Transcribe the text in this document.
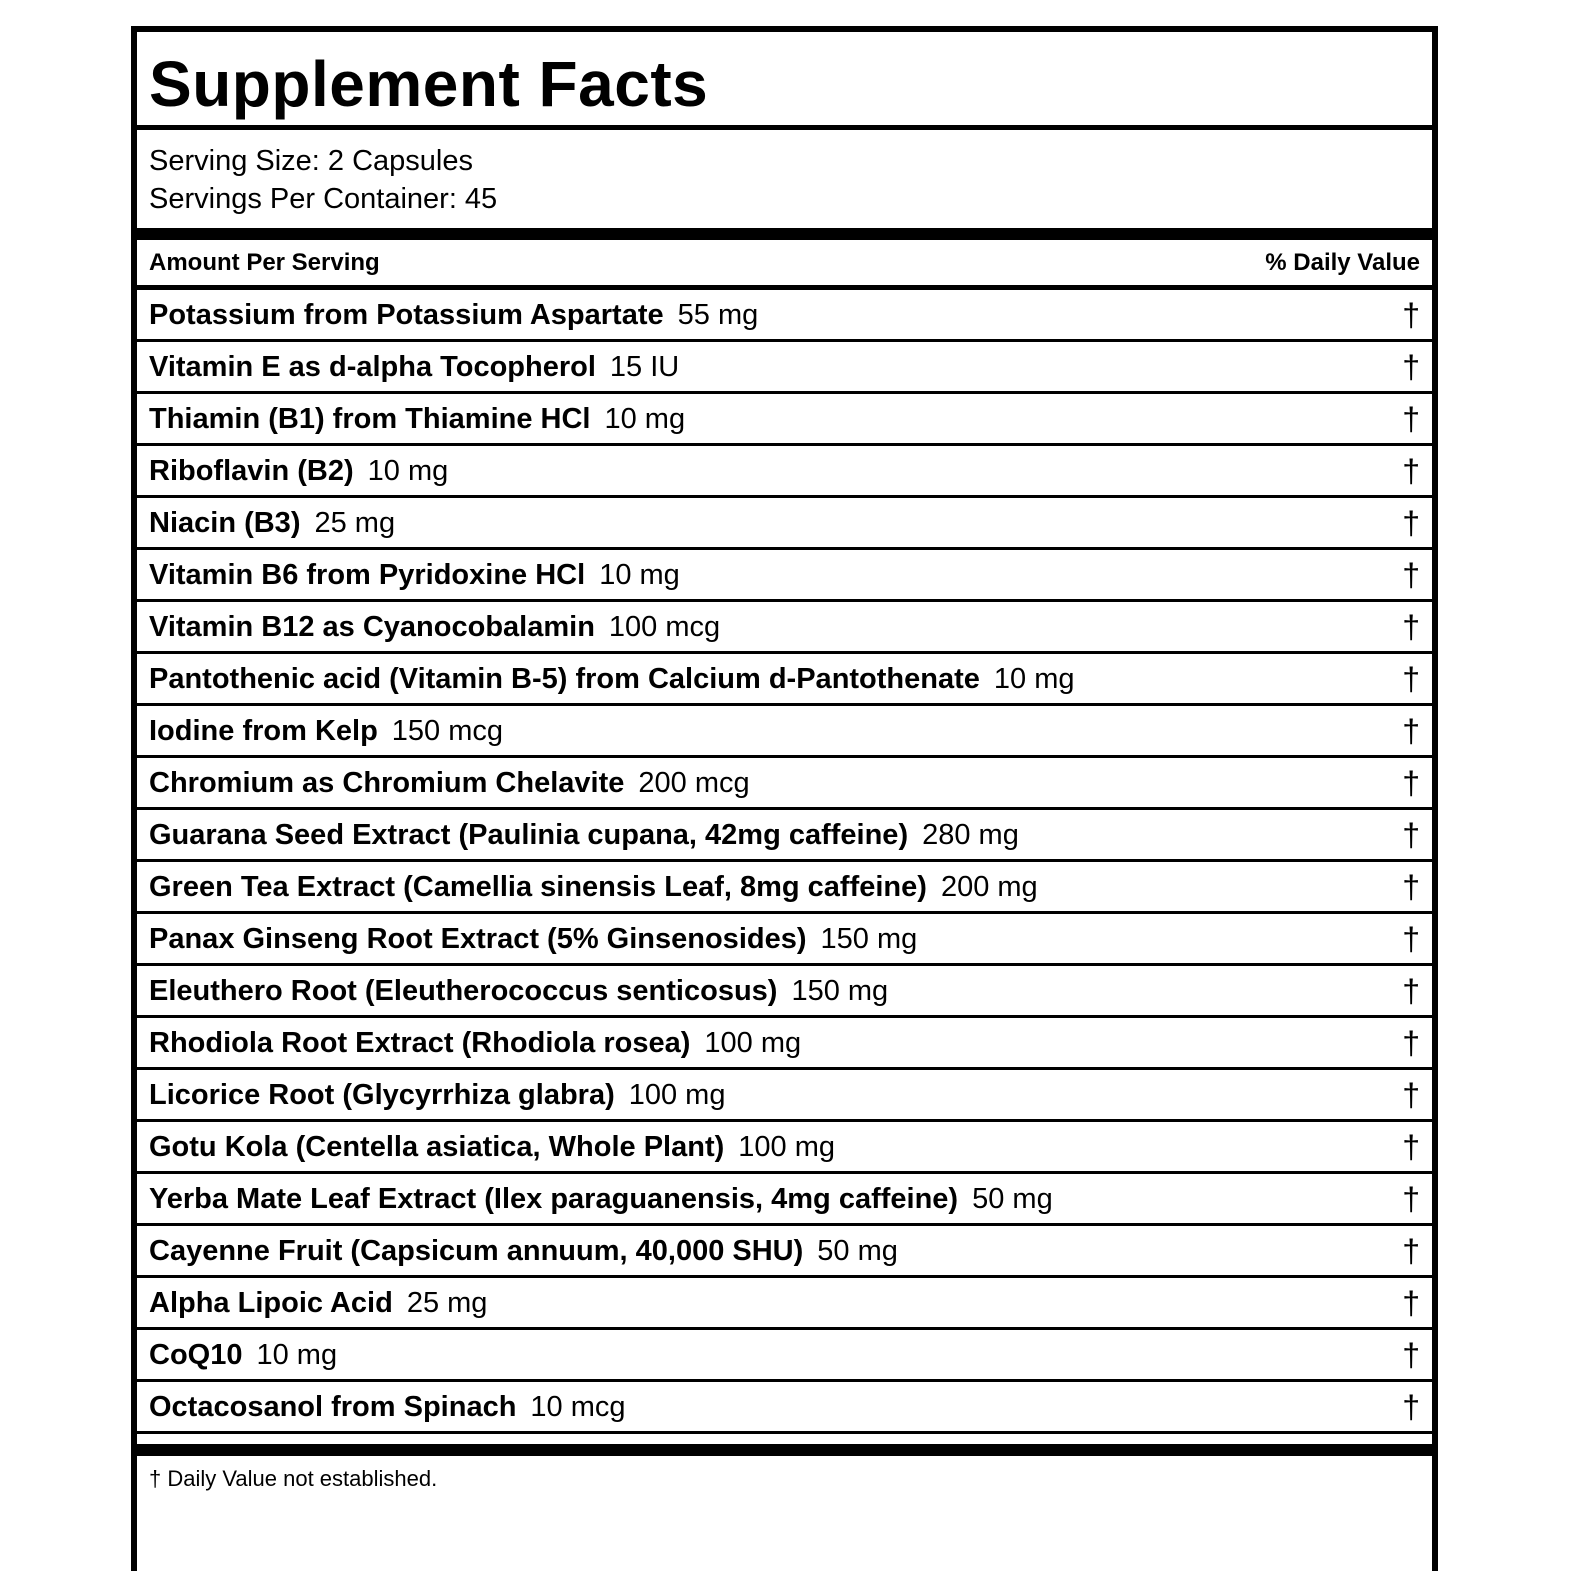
Supplement Facts
Serving Size: 2 Capsules
Servings Per Container: 45
Amount Per Serving	% Daily Value
Potassium from Potassium Aspartate 55 mg	†
Vitamin E as d-alpha Tocopherol 15 IU	†
Thiamin (B1) from Thiamine HCl 10 mg	†
Riboflavin (B2) 10 mg	†
Niacin (B3) 25 mg	†
Vitamin B6 from Pyridoxine HCl 10 mg	†
Vitamin B12 as Cyanocobalamin 100 mcg	†
Pantothenic acid (Vitamin B-5) from Calcium d-Pantothenate 10 mg	†
Iodine from Kelp 150 mcg	†
Chromium as Chromium Chelavite 200 mcg	†
Guarana Seed Extract (Paulinia cupana, 42mg caffeine) 280 mg	†
Green Tea Extract (Camellia sinensis Leaf, 8mg caffeine) 200 mg	†
Panax Ginseng Root Extract (5% Ginsenosides) 150 mg	†
Eleuthero Root (Eleutherococcus senticosus) 150 mg	†
Rhodiola Root Extract (Rhodiola rosea) 100 mg	†
Licorice Root (Glycyrrhiza glabra) 100 mg	†
Gotu Kola (Centella asiatica, Whole Plant) 100 mg	†
Yerba Mate Leaf Extract (Ilex paraguanensis, 4mg caffeine) 50 mg	†
Cayenne Fruit (Capsicum annuum, 40,000 SHU) 50 mg	†
Alpha Lipoic Acid 25 mg	†
CoQ10 10 mg	†
Octacosanol from Spinach 10 mcg	†
† Daily Value not established.
